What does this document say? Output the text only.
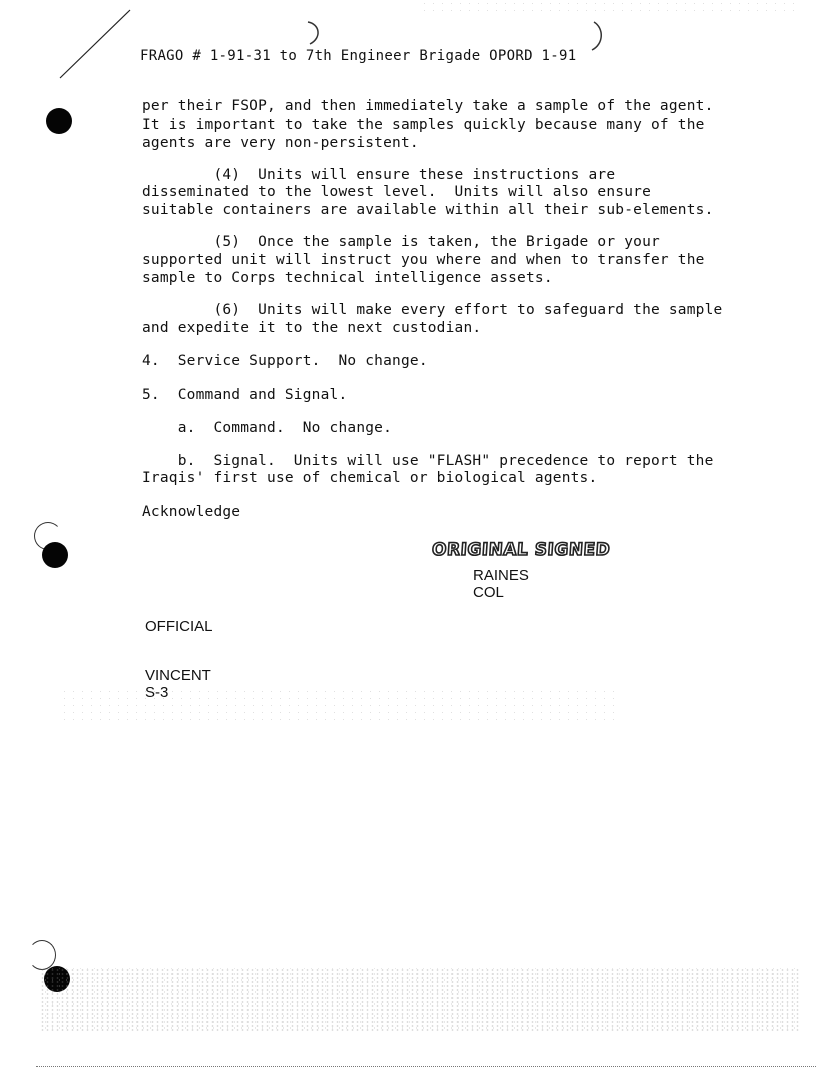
FRAGO # 1-91-31 to 7th Engineer Brigade OPORD 1-91
per their FSOP, and then immediately take a sample of the agent.
It is important to take the samples quickly because many of the
agents are very non-persistent.
(4)  Units will ensure these instructions are
disseminated to the lowest level.  Units will also ensure
suitable containers are available within all their sub-elements.
(5)  Once the sample is taken, the Brigade or your
supported unit will instruct you where and when to transfer the
sample to Corps technical intelligence assets.
(6)  Units will make every effort to safeguard the sample
and expedite it to the next custodian.
4.  Service Support.  No change.
5.  Command and Signal.
a.  Command.  No change.
b.  Signal.  Units will use "FLASH" precedence to report the
Iraqis' first use of chemical or biological agents.
Acknowledge
ORIGINAL SIGNED
RAINES
COL
OFFICIAL
VINCENT
S-3
